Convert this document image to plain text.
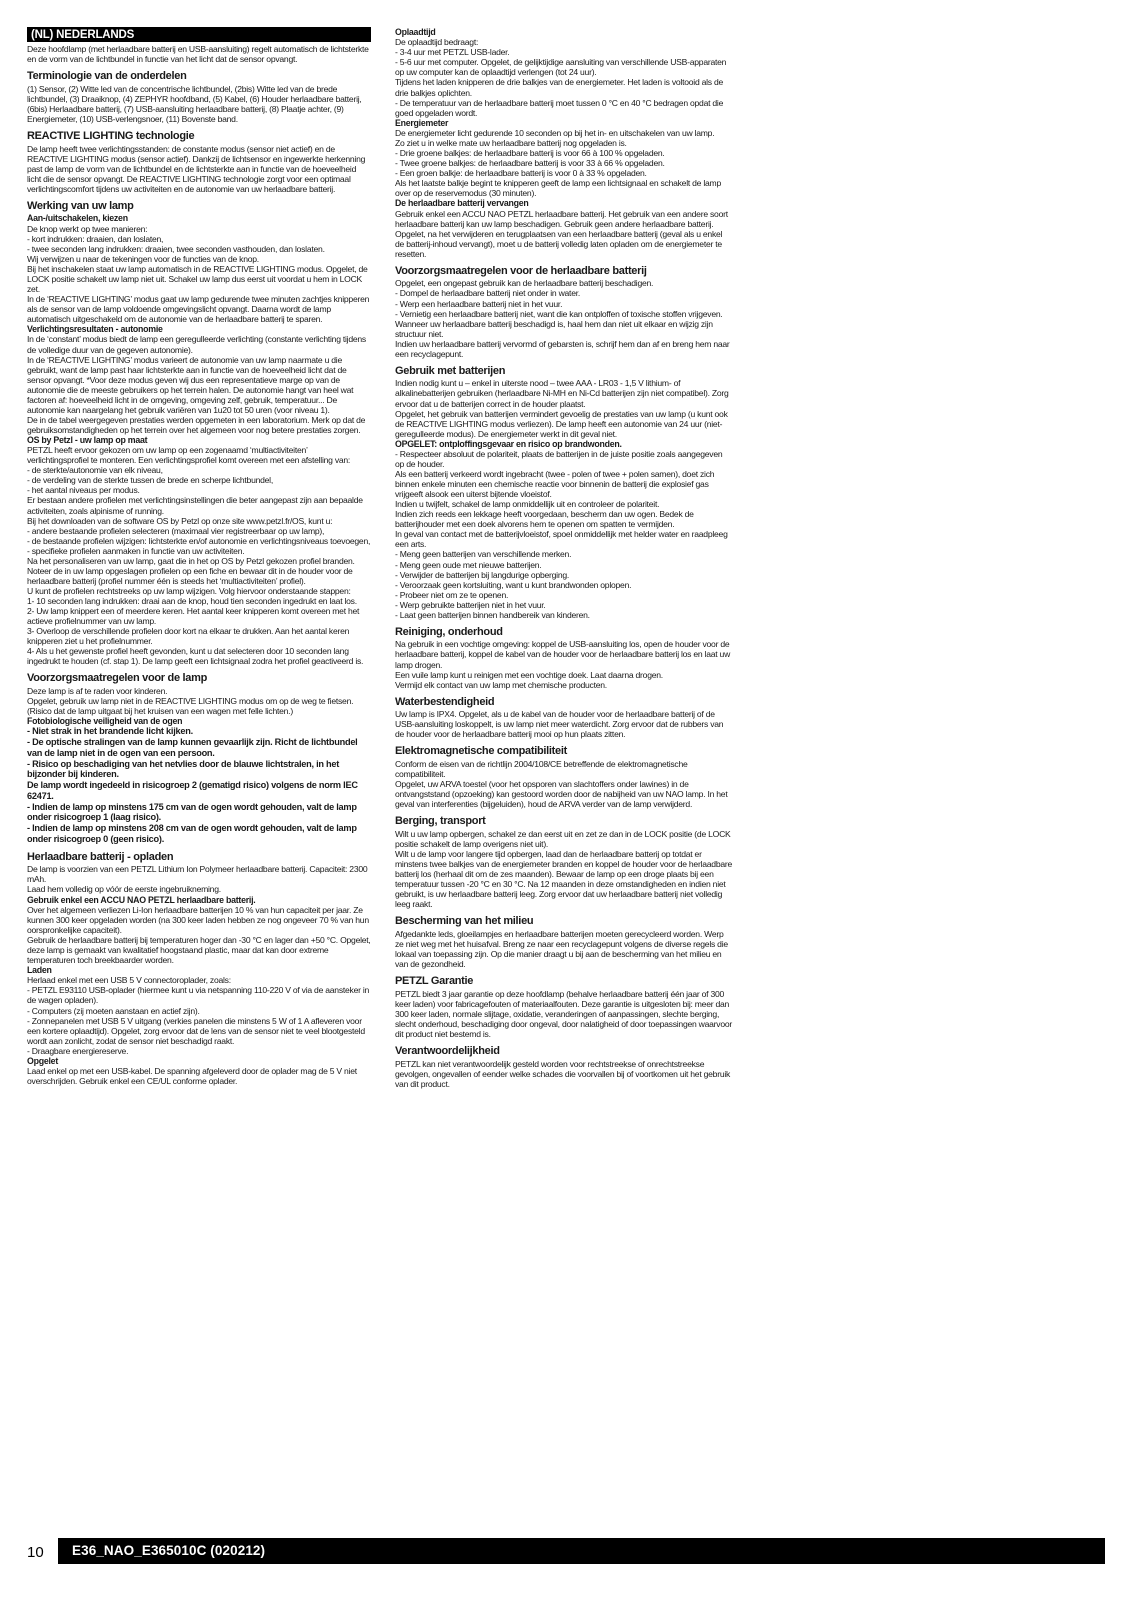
(NL) NEDERLANDS

Deze hoofdlamp (met herlaadbare batterij en USB-aansluiting) regelt automatisch de lichtsterkte en de vorm van de lichtbundel in functie van het licht dat de sensor opvangt.

Terminologie van de onderdelen

(1) Sensor, (2) Witte led van de concentrische lichtbundel, (2bis) Witte led van de brede lichtbundel, (3) Draaiknop, (4) ZEPHYR hoofdband, (5) Kabel, (6) Houder herlaadbare batterij, (6bis) Herlaadbare batterij, (7) USB-aansluiting herlaadbare batterij, (8) Plaatje achter, (9) Energiemeter, (10) USB-verlengsnoer, (11) Bovenste band.

REACTIVE LIGHTING technologie

De lamp heeft twee verlichtingsstanden: de constante modus (sensor niet actief) en de REACTIVE LIGHTING modus (sensor actief). Dankzij de lichtsensor en ingewerkte herkenning past de lamp de vorm van de lichtbundel en de lichtsterkte aan in functie van de hoeveelheid licht die de sensor opvangt. De REACTIVE LIGHTING technologie zorgt voor een optimaal verlichtingscomfort tijdens uw activiteiten en de autonomie van uw herlaadbare batterij.

Werking van uw lamp
Aan-/uitschakelen, kiezen

De knop werkt op twee manieren:

- kort indrukken: draaien, dan loslaten,

- twee seconden lang indrukken: draaien, twee seconden vasthouden, dan loslaten.

Wij verwijzen u naar de tekeningen voor de functies van de knop.

Bij het inschakelen staat uw lamp automatisch in de REACTIVE LIGHTING modus. Opgelet, de LOCK positie schakelt uw lamp niet uit. Schakel uw lamp dus eerst uit voordat u hem in LOCK zet.

In de ‘REACTIVE LIGHTING’ modus gaat uw lamp gedurende twee minuten zachtjes knipperen als de sensor van de lamp voldoende omgevingslicht opvangt. Daarna wordt de lamp automatisch uitgeschakeld om de autonomie van de herlaadbare batterij te sparen.

Verlichtingsresultaten - autonomie

In de ‘constant’ modus biedt de lamp een geregulleerde verlichting (constante verlichting tijdens de volledige duur van de gegeven autonomie).

In de ‘REACTIVE LIGHTING’ modus varieert de autonomie van uw lamp naarmate u die gebruikt, want de lamp past haar lichtsterkte aan in functie van de hoeveelheid licht dat de sensor opvangt. *Voor deze modus geven wij dus een representatieve marge op van de autonomie die de meeste gebruikers op het terrein halen. De autonomie hangt van heel wat factoren af: hoeveelheid licht in de omgeving, omgeving zelf, gebruik, temperatuur... De autonomie kan naargelang het gebruik variëren van 1u20 tot 50 uren (voor niveau 1).

De in de tabel weergegeven prestaties werden opgemeten in een laboratorium. Merk op dat de gebruiksomstandigheden op het terrein over het algemeen voor nog betere prestaties zorgen.

OS by Petzl - uw lamp op maat

PETZL heeft ervoor gekozen om uw lamp op een zogenaamd ‘multiactiviteiten’ verlichtingsprofiel te monteren. Een verlichtingsprofiel komt overeen met een afstelling van:

- de sterkte/autonomie van elk niveau,

- de verdeling van de sterkte tussen de brede en scherpe lichtbundel,

- het aantal niveaus per modus.

Er bestaan andere profielen met verlichtingsinstellingen die beter aangepast zijn aan bepaalde activiteiten, zoals alpinisme of running.

Bij het downloaden van de software OS by Petzl op onze site www.petzl.fr/OS, kunt u:

- andere bestaande profielen selecteren (maximaal vier registreerbaar op uw lamp),

- de bestaande profielen wijzigen: lichtsterkte en/of autonomie en verlichtingsniveaus toevoegen,

- specifieke profielen aanmaken in functie van uw activiteiten.

Na het personaliseren van uw lamp, gaat die in het op OS by Petzl gekozen profiel branden. Noteer de in uw lamp opgeslagen profielen op een fiche en bewaar dit in de houder voor de herlaadbare batterij (profiel nummer één is steeds het ‘multiactiviteiten’ profiel).

U kunt de profielen rechtstreeks op uw lamp wijzigen. Volg hiervoor onderstaande stappen:

1- 10 seconden lang indrukken: draai aan de knop, houd tien seconden ingedrukt en laat los.

2- Uw lamp knippert een of meerdere keren. Het aantal keer knipperen komt overeen met het actieve profielnummer van uw lamp.

3- Overloop de verschillende profielen door kort na elkaar te drukken. Aan het aantal keren knipperen ziet u het profielnummer.

4- Als u het gewenste profiel heeft gevonden, kunt u dat selecteren door 10 seconden lang ingedrukt te houden (cf. stap 1). De lamp geeft een lichtsignaal zodra het profiel geactiveerd is.

Voorzorgsmaatregelen voor de lamp

Deze lamp is af te raden voor kinderen.

Opgelet, gebruik uw lamp niet in de REACTIVE LIGHTING modus om op de weg te fietsen. (Risico dat de lamp uitgaat bij het kruisen van een wagen met felle lichten.)

Fotobiologische veiligheid van de ogen

- Niet strak in het brandende licht kijken.

- De optische stralingen van de lamp kunnen gevaarlijk zijn. Richt de lichtbundel van de lamp niet in de ogen van een persoon.

- Risico op beschadiging van het netvlies door de blauwe lichtstralen, in het bijzonder bij kinderen.

De lamp wordt ingedeeld in risicogroep 2 (gematigd risico) volgens de norm IEC 62471.

- Indien de lamp op minstens 175 cm van de ogen wordt gehouden, valt de lamp onder risicogroep 1 (laag risico).

- Indien de lamp op minstens 208 cm van de ogen wordt gehouden, valt de lamp onder risicogroep 0 (geen risico).

Herlaadbare batterij - opladen

De lamp is voorzien van een PETZL Lithium Ion Polymeer herlaadbare batterij. Capaciteit: 2300 mAh.

Laad hem volledig op vóór de eerste ingebruikneming.

Gebruik enkel een ACCU NAO PETZL herlaadbare batterij.

Over het algemeen verliezen Li-Ion herlaadbare batterijen 10 % van hun capaciteit per jaar. Ze kunnen 300 keer opgeladen worden (na 300 keer laden hebben ze nog ongeveer 70 % van hun oorspronkelijke capaciteit).

Gebruik de herlaadbare batterij bij temperaturen hoger dan -30 °C en lager dan +50 °C. Opgelet, deze lamp is gemaakt van kwalitatief hoogstaand plastic, maar dat kan door extreme temperaturen toch breekbaarder worden.

Laden

Herlaad enkel met een USB 5 V connectoroplader, zoals:

- PETZL E93110 USB-oplader (hiermee kunt u via netspanning 110-220 V of via de aansteker in de wagen opladen).

- Computers (zij moeten aanstaan en actief zijn).

- Zonnepanelen met USB 5 V uitgang (verkies panelen die minstens 5 W of 1 A afleveren voor een kortere oplaadtijd). Opgelet, zorg ervoor dat de lens van de sensor niet te veel blootgesteld wordt aan zonlicht, zodat de sensor niet beschadigd raakt.

- Draagbare energiereserve.

Opgelet

Laad enkel op met een USB-kabel. De spanning afgeleverd door de oplader mag de 5 V niet overschrijden. Gebruik enkel een CE/UL conforme oplader.

Oplaadtijd

De oplaadtijd bedraagt:

- 3-4 uur met PETZL USB-lader.

- 5-6 uur met computer. Opgelet, de gelijktijdige aansluiting van verschillende USB-apparaten op uw computer kan de oplaadtijd verlengen (tot 24 uur).

Tijdens het laden knipperen de drie balkjes van de energiemeter. Het laden is voltooid als de drie balkjes oplichten.

- De temperatuur van de herlaadbare batterij moet tussen 0 °C en 40 °C bedragen opdat die goed opgeladen wordt.

Energiemeter

De energiemeter licht gedurende 10 seconden op bij het in- en uitschakelen van uw lamp.

Zo ziet u in welke mate uw herlaadbare batterij nog opgeladen is.

- Drie groene balkjes: de herlaadbare batterij is voor 66 à 100 % opgeladen.

- Twee groene balkjes: de herlaadbare batterij is voor 33 à 66 % opgeladen.

- Een groen balkje: de herlaadbare batterij is voor 0 à 33 % opgeladen.

Als het laatste balkje begint te knipperen geeft de lamp een lichtsignaal en schakelt de lamp over op de reservemodus (30 minuten).

De herlaadbare batterij vervangen

Gebruik enkel een ACCU NAO PETZL herlaadbare batterij. Het gebruik van een andere soort herlaadbare batterij kan uw lamp beschadigen. Gebruik geen andere herlaadbare batterij.

Opgelet, na het verwijderen en terugplaatsen van een herlaadbare batterij (geval als u enkel de batterij-inhoud vervangt), moet u de batterij volledig laten opladen om de energiemeter te resetten.

Voorzorgsmaatregelen voor de herlaadbare batterij

Opgelet, een ongepast gebruik kan de herlaadbare batterij beschadigen.

- Dompel de herlaadbare batterij niet onder in water.

- Werp een herlaadbare batterij niet in het vuur.

- Vernietig een herlaadbare batterij niet, want die kan ontploffen of toxische stoffen vrijgeven.

Wanneer uw herlaadbare batterij beschadigd is, haal hem dan niet uit elkaar en wijzig zijn structuur niet.

Indien uw herlaadbare batterij vervormd of gebarsten is, schrijf hem dan af en breng hem naar een recyclagepunt.

Gebruik met batterijen

Indien nodig kunt u – enkel in uiterste nood – twee AAA - LR03 - 1,5 V lithium- of alkalinebatterijen gebruiken (herlaadbare Ni-MH en Ni-Cd batterijen zijn niet compatibel). Zorg ervoor dat u de batterijen correct in de houder plaatst.

Opgelet, het gebruik van batterijen vermindert gevoelig de prestaties van uw lamp (u kunt ook de REACTIVE LIGHTING modus verliezen). De lamp heeft een autonomie van 24 uur (niet-geregulleerde modus). De energiemeter werkt in dit geval niet.

OPGELET: ontploffingsgevaar en risico op brandwonden.

- Respecteer absoluut de polariteit, plaats de batterijen in de juiste positie zoals aangegeven op de houder.

Als een batterij verkeerd wordt ingebracht (twee - polen of twee + polen samen), doet zich binnen enkele minuten een chemische reactie voor binnenin de batterij die explosief gas vrijgeeft alsook een uiterst bijtende vloeistof.

Indien u twijfelt, schakel de lamp onmiddellijk uit en controleer de polariteit.

Indien zich reeds een lekkage heeft voorgedaan, bescherm dan uw ogen. Bedek de batterijhouder met een doek alvorens hem te openen om spatten te vermijden.

In geval van contact met de batterijvloeistof, spoel onmiddellijk met helder water en raadpleeg een arts.

- Meng geen batterijen van verschillende merken.

- Meng geen oude met nieuwe batterijen.

- Verwijder de batterijen bij langdurige opberging.

- Veroorzaak geen kortsluiting, want u kunt brandwonden oplopen.

- Probeer niet om ze te openen.

- Werp gebruikte batterijen niet in het vuur.

- Laat geen batterijen binnen handbereik van kinderen.

Reiniging, onderhoud

Na gebruik in een vochtige omgeving: koppel de USB-aansluiting los, open de houder voor de herlaadbare batterij, koppel de kabel van de houder voor de herlaadbare batterij los en laat uw lamp drogen.

Een vuile lamp kunt u reinigen met een vochtige doek. Laat daarna drogen.

Vermijd elk contact van uw lamp met chemische producten.

Waterbestendigheid

Uw lamp is IPX4. Opgelet, als u de kabel van de houder voor de herlaadbare batterij of de USB-aansluiting loskoppelt, is uw lamp niet meer waterdicht. Zorg ervoor dat de rubbers van de houder voor de herlaadbare batterij mooi op hun plaats zitten.

Elektromagnetische compatibiliteit

Conform de eisen van de richtlijn 2004/108/CE betreffende de elektromagnetische compatibiliteit.

Opgelet, uw ARVA toestel (voor het opsporen van slachtoffers onder lawines) in de ontvangststand (opzoeking) kan gestoord worden door de nabijheid van uw NAO lamp. In het geval van interferenties (bijgeluiden), houd de ARVA verder van de lamp verwijderd.

Berging, transport

Wilt u uw lamp opbergen, schakel ze dan eerst uit en zet ze dan in de LOCK positie (de LOCK positie schakelt de lamp overigens niet uit).

Wilt u de lamp voor langere tijd opbergen, laad dan de herlaadbare batterij op totdat er minstens twee balkjes van de energiemeter branden en koppel de houder voor de herlaadbare batterij los (herhaal dit om de zes maanden). Bewaar de lamp op een droge plaats bij een temperatuur tussen -20 °C en 30 °C. Na 12 maanden in deze omstandigheden en indien niet gebruikt, is uw herlaadbare batterij leeg. Zorg ervoor dat uw herlaadbare batterij niet volledig leeg raakt.

Bescherming van het milieu

Afgedankte leds, gloeilampjes en herlaadbare batterijen moeten gerecycleerd worden. Werp ze niet weg met het huisafval. Breng ze naar een recyclagepunt volgens de diverse regels die lokaal van toepassing zijn. Op die manier draagt u bij aan de bescherming van het milieu en van de gezondheid.

PETZL Garantie

PETZL biedt 3 jaar garantie op deze hoofdlamp (behalve herlaadbare batterij één jaar of 300 keer laden) voor fabricagefouten of materiaalfouten. Deze garantie is uitgesloten bij: meer dan 300 keer laden, normale slijtage, oxidatie, veranderingen of aanpassingen, slechte berging, slecht onderhoud, beschadiging door ongeval, door nalatigheid of door toepassingen waarvoor dit product niet bestemd is.

Verantwoordelijkheid

PETZL kan niet verantwoordelijk gesteld worden voor rechtstreekse of onrechtstreekse gevolgen, ongevallen of eender welke schades die voorvallen bij of voortkomen uit het gebruik van dit product.

10 E36_NAO_E365010C (020212)
